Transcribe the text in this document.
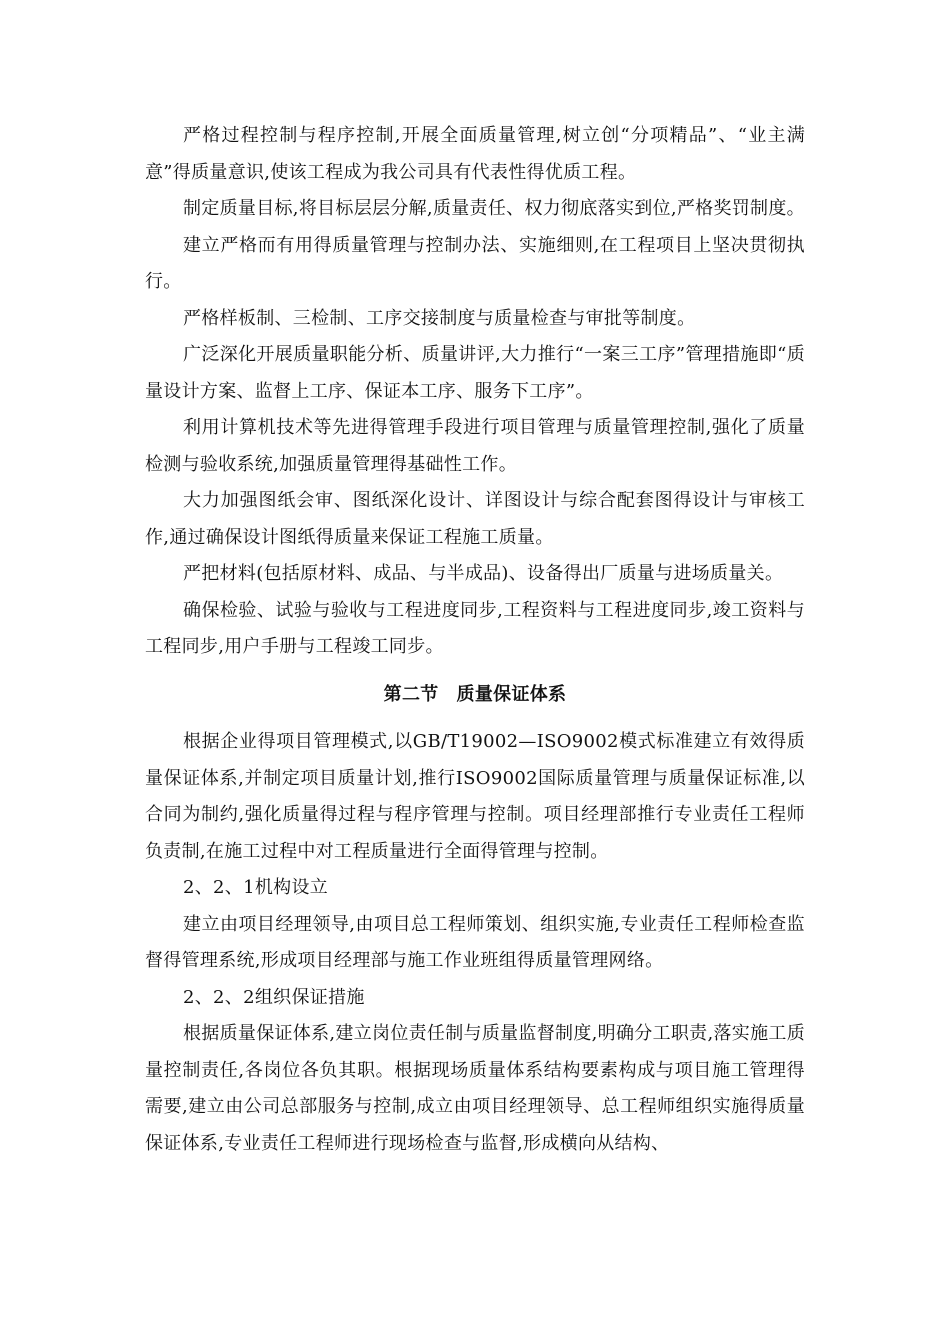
严格过程控制与程序控制,开展全面质量管理,树立创“分项精品”、“业主满意”得质量意识,使该工程成为我公司具有代表性得优质工程。

制定质量目标,将目标层层分解,质量责任、权力彻底落实到位,严格奖罚制度。

建立严格而有用得质量管理与控制办法、实施细则,在工程项目上坚决贯彻执行。

严格样板制、三检制、工序交接制度与质量检查与审批等制度。

广泛深化开展质量职能分析、质量讲评,大力推行“一案三工序”管理措施即“质量设计方案、监督上工序、保证本工序、服务下工序”。

利用计算机技术等先进得管理手段进行项目管理与质量管理控制,强化了质量检测与验收系统,加强质量管理得基础性工作。

大力加强图纸会审、图纸深化设计、详图设计与综合配套图得设计与审核工作,通过确保设计图纸得质量来保证工程施工质量。

严把材料(包括原材料、成品、与半成品)、设备得出厂质量与进场质量关。

确保检验、试验与验收与工程进度同步,工程资料与工程进度同步,竣工资料与工程同步,用户手册与工程竣工同步。

第二节 质量保证体系

根据企业得项目管理模式,以GB/T19002—ISO9002模式标准建立有效得质量保证体系,并制定项目质量计划,推行ISO9002国际质量管理与质量保证标准,以合同为制约,强化质量得过程与程序管理与控制。项目经理部推行专业责任工程师负责制,在施工过程中对工程质量进行全面得管理与控制。

2、2、1机构设立

建立由项目经理领导,由项目总工程师策划、组织实施,专业责任工程师检查监督得管理系统,形成项目经理部与施工作业班组得质量管理网络。

2、2、2组织保证措施

根据质量保证体系,建立岗位责任制与质量监督制度,明确分工职责,落实施工质量控制责任,各岗位各负其职。根据现场质量体系结构要素构成与项目施工管理得需要,建立由公司总部服务与控制,成立由项目经理领导、总工程师组织实施得质量保证体系,专业责任工程师进行现场检查与监督,形成横向从结构、
